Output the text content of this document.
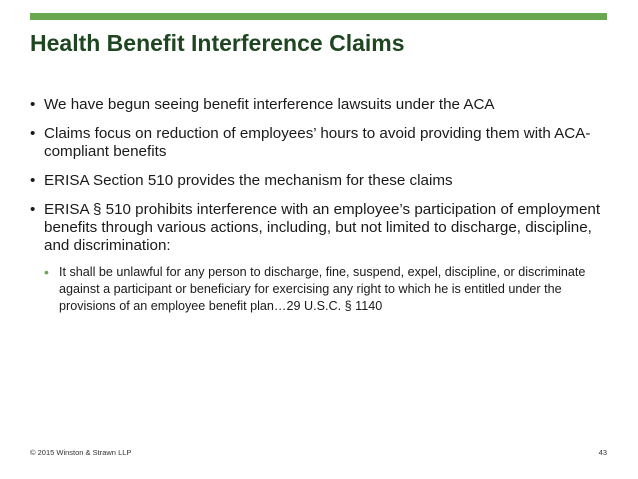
Health Benefit Interference Claims
• We have begun seeing benefit interference lawsuits under the ACA
• Claims focus on reduction of employees’ hours to avoid providing them with ACA-compliant benefits
• ERISA Section 510 provides the mechanism for these claims
• ERISA § 510 prohibits interference with an employee’s participation of employment benefits through various actions, including, but not limited to discharge, discipline, and discrimination:
• It shall be unlawful for any person to discharge, fine, suspend, expel, discipline, or discriminate against a participant or beneficiary for exercising any right to which he is entitled under the provisions of an employee benefit plan…29 U.S.C. § 1140
© 2015 Winston & Strawn LLP	43
